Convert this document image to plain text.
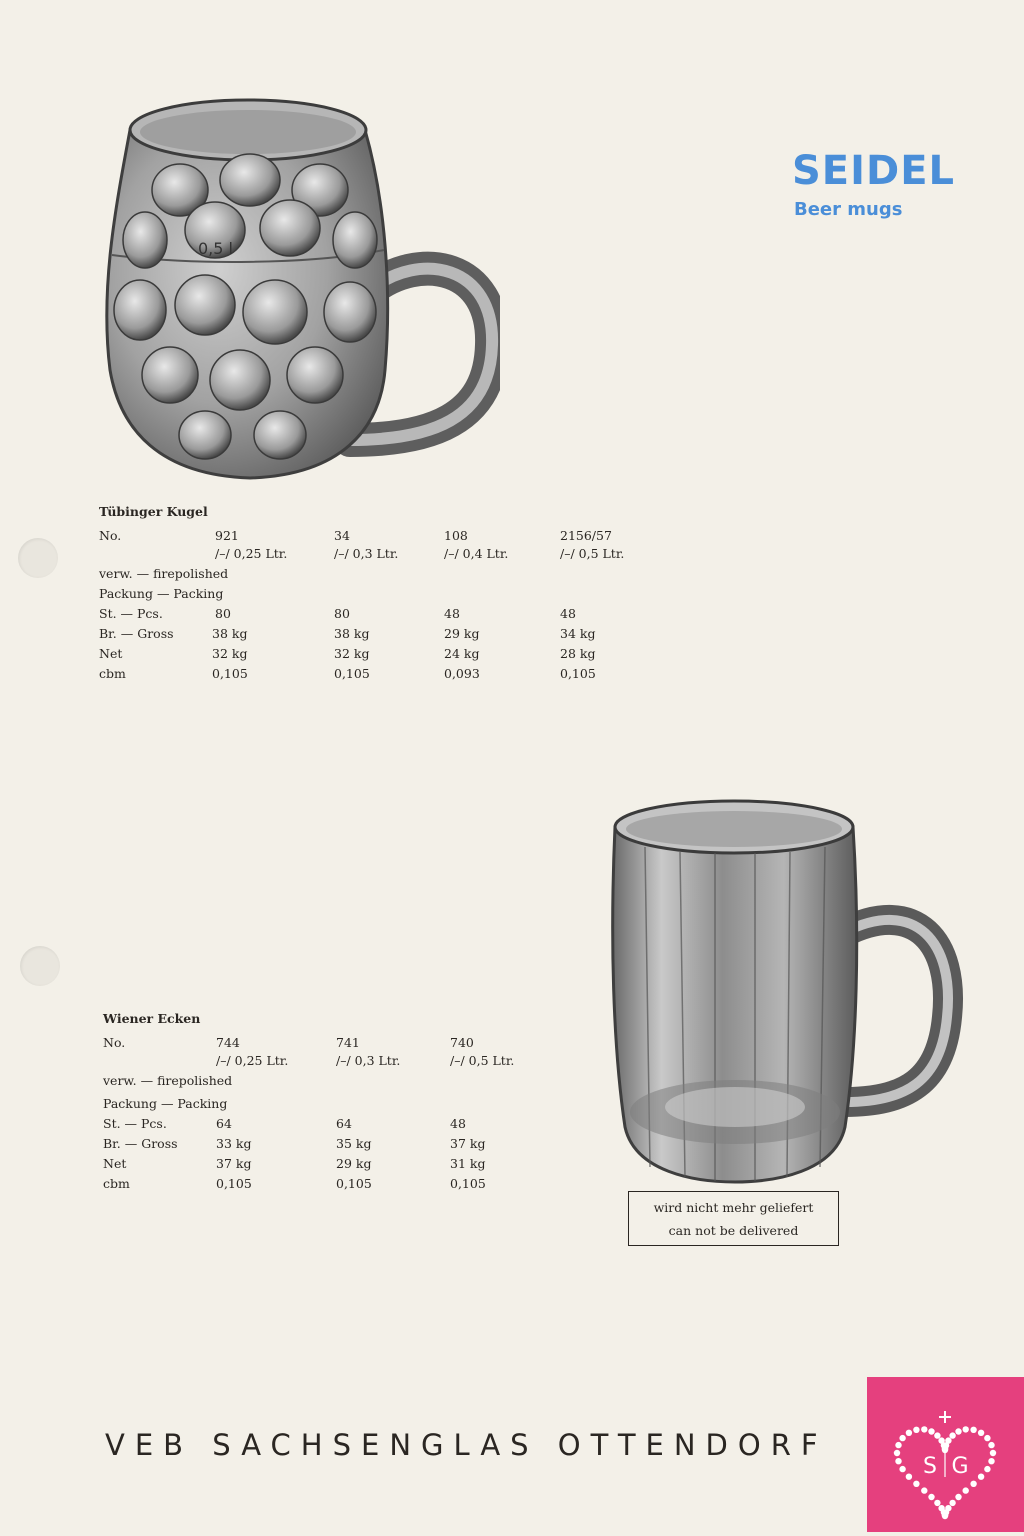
SEIDEL
Beer mugs
0,5 l
Tübinger Kugel
No.	921	34	108	2156/57
/–/ 0,25 Ltr.	/–/ 0,3 Ltr.	/–/ 0,4 Ltr.	/–/ 0,5 Ltr.
verw. — firepolished
Packung — Packing
St. — Pcs.	80	80	48	48
Br. — Gross	38 kg	38 kg	29 kg	34 kg
Net	32 kg	32 kg	24 kg	28 kg
cbm	0,105	0,105	0,093	0,105
Wiener Ecken
No.	744	741	740
/–/ 0,25 Ltr.	/–/ 0,3 Ltr.	/–/ 0,5 Ltr.
verw. — firepolished
Packung — Packing
St. — Pcs.	64	64	48
Br. — Gross	33 kg	35 kg	37 kg
Net	37 kg	29 kg	31 kg
cbm	0,105	0,105	0,105
wird nicht mehr geliefert
can not be delivered
VEB SACHSENGLAS OTTENDORF
S G
